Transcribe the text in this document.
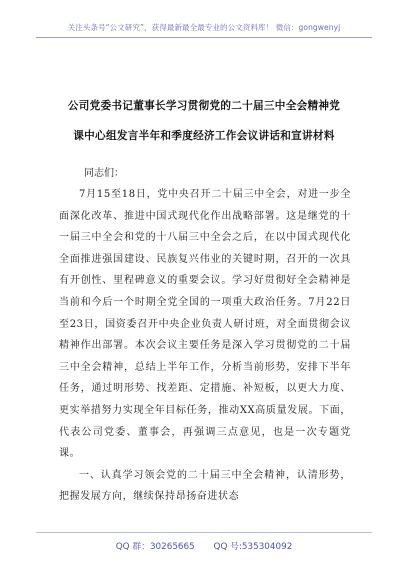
关注头条号“公文研究”，获得最新最全最专业的公文资料库！ 微信：gongwenyj
公司党委书记董事长学习贯彻党的二十届三中全会精神党
课中心组发言半年和季度经济工作会议讲话和宣讲材料
同志们：

7月15至18日，党中央召开二十届三中全会，对进一步全面深化改革、推进中国式现代化作出战略部署。这是继党的十一届三中全会和党的十八届三中全会之后，在以中国式现代化全面推进强国建设、民族复兴伟业的关键时期，召开的一次具有开创性、里程碑意义的重要会议。学习好贯彻好全会精神是当前和今后一个时期全党全国的一项重大政治任务。7月22日至23日，国资委召开中央企业负责人研讨班，对全面贯彻会议精神作出部署。本次会议主要任务是深入学习贯彻党的二十届三中全会精神，总结上半年工作，分析当前形势，安排下半年任务，通过明形势、找差距、定措施、补短板，以更大力度、更实举措努力实现全年目标任务，推动XX高质量发展。下面，代表公司党委、董事会，再强调三点意见，也是一次专题党课。

一、认真学习领会党的二十届三中全会精神，认清形势，把握发展方向，继续保持昂扬奋进状态

QQ 群：30265665 QQ 号:535304092
